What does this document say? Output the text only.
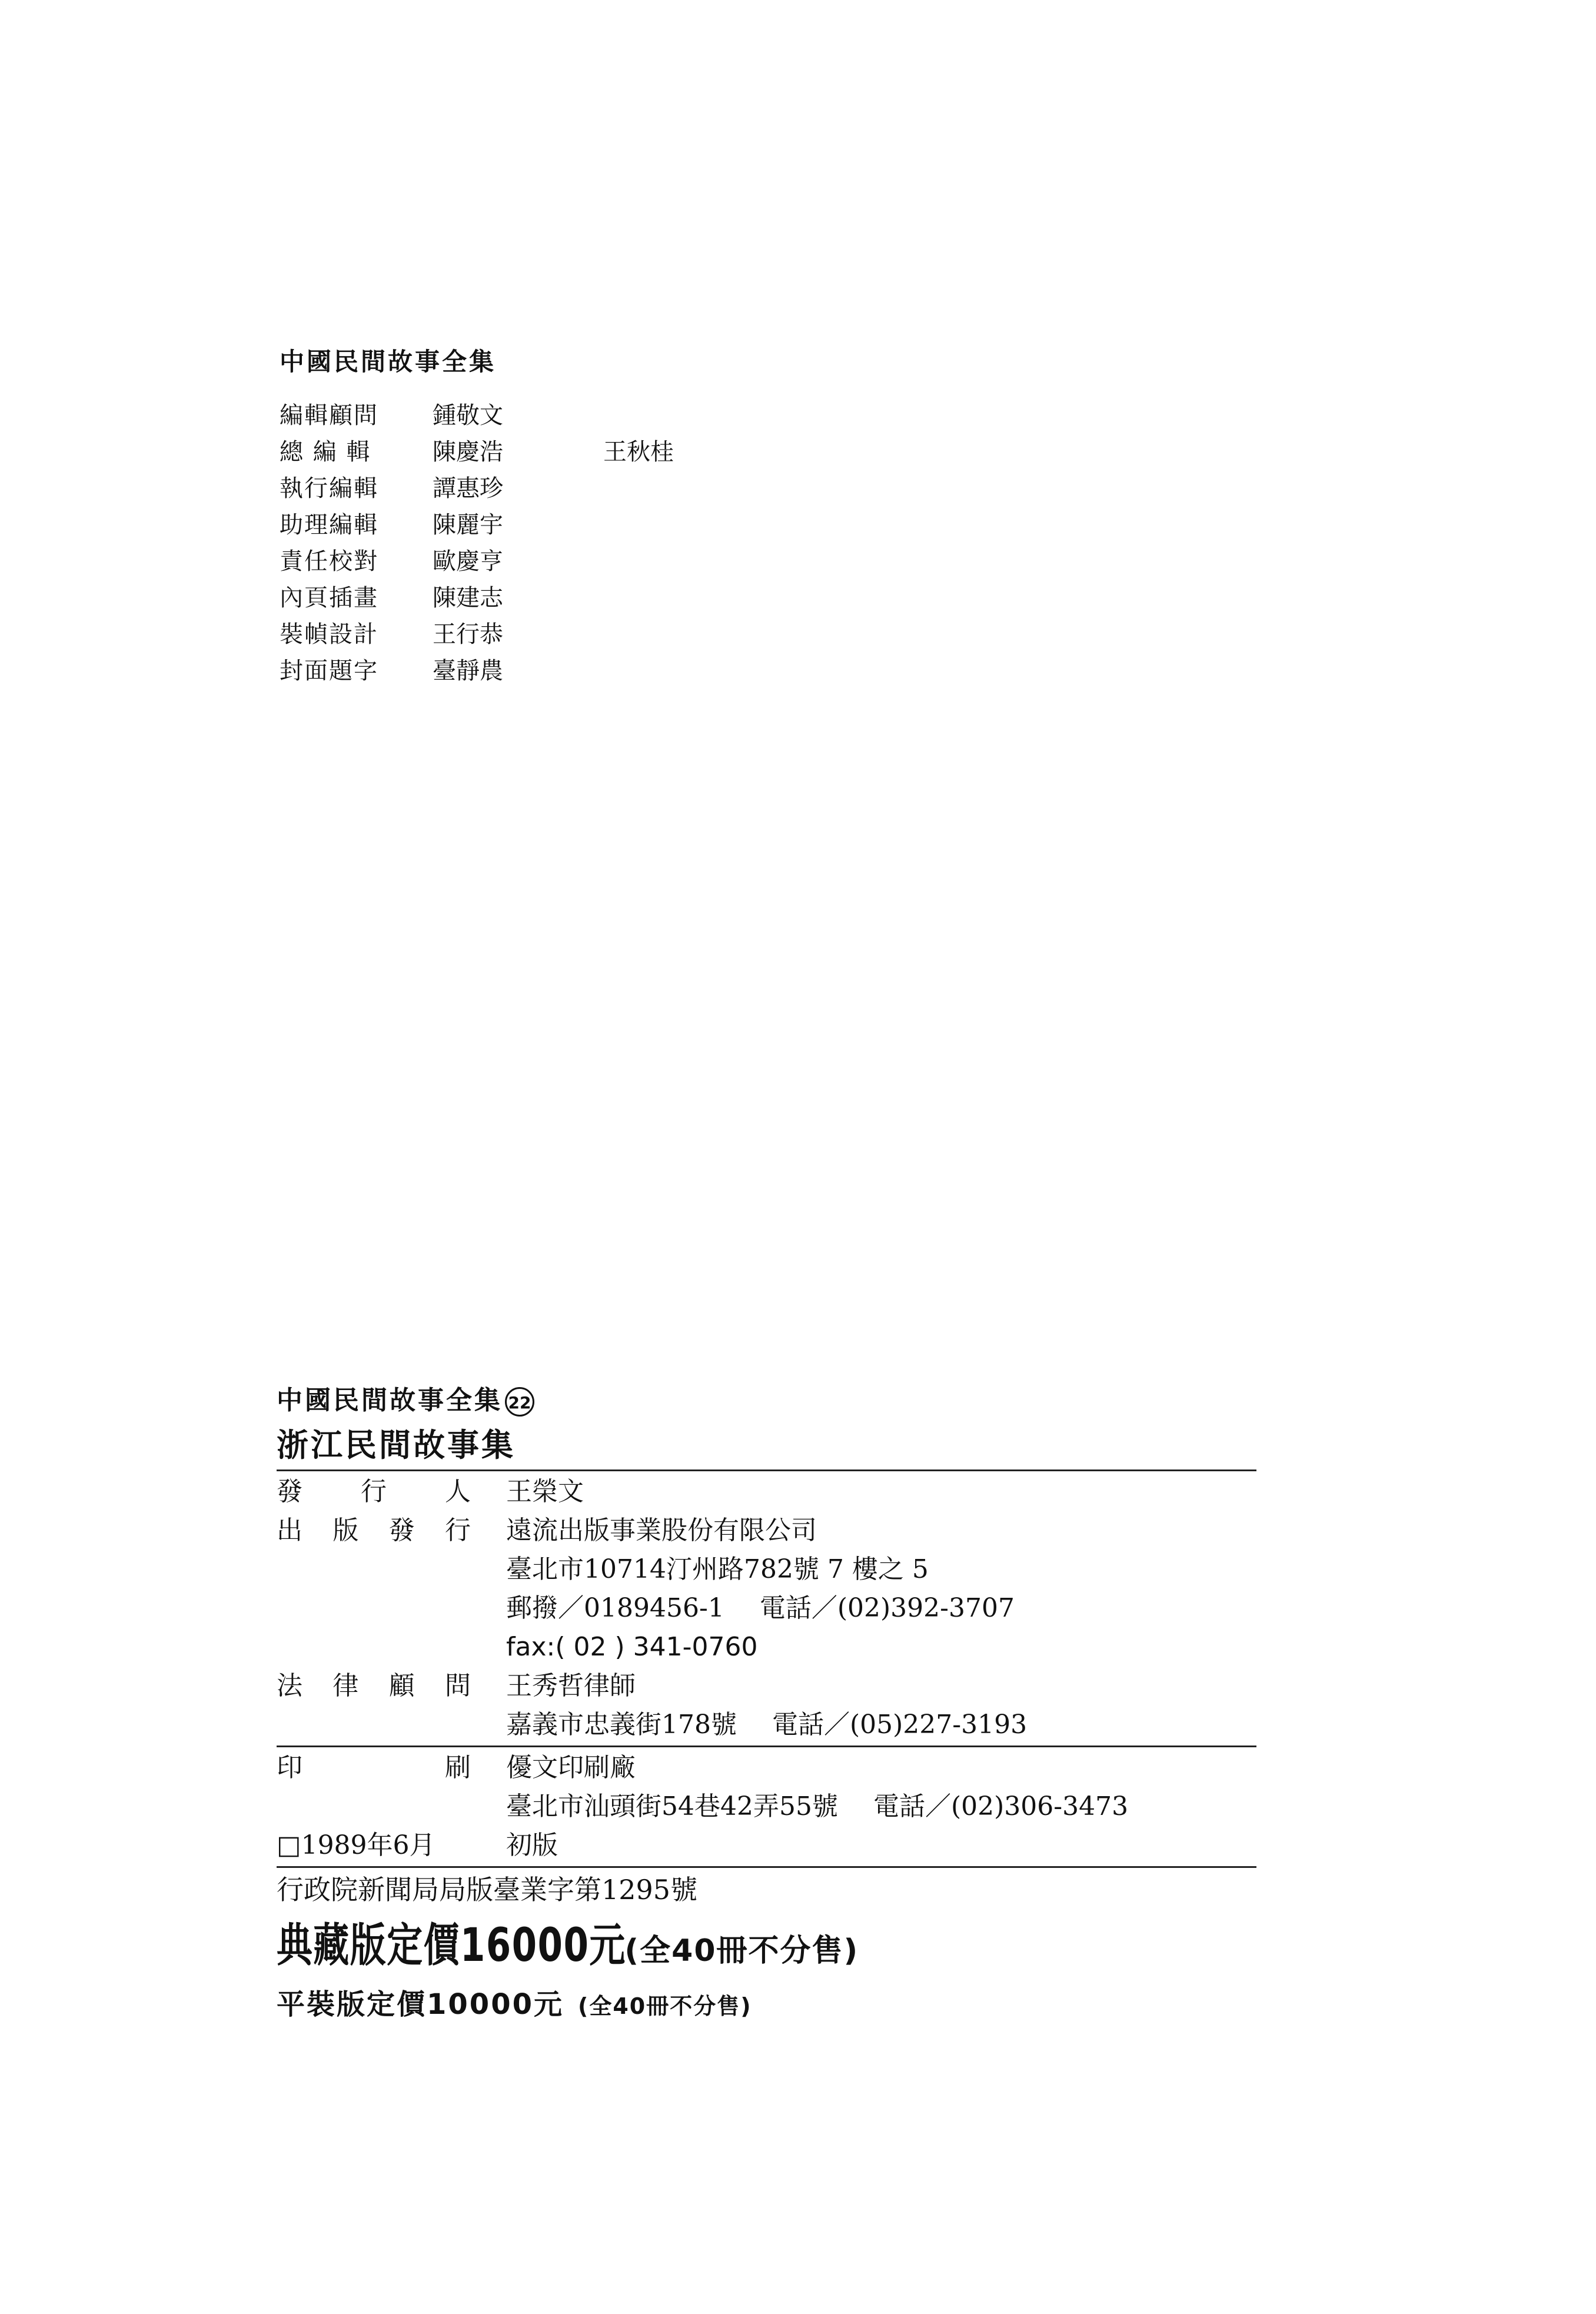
中國民間故事全集
編輯顧問 鍾敬文
總 編 輯	陳慶浩	王秋桂
執行編輯 譚惠珍
助理編輯 陳麗宇
責任校對 歐慶亨
內頁插畫 陳建志
裝幀設計 王行恭
封面題字 臺靜農
中國民間故事全集 22
浙江民間故事集
發 行 人 王榮文
出 版 發 行 遠流出版事業股份有限公司
臺北市10714汀州路782號 7 樓之 5
郵撥／0189456-1 電話／(02)392-3707
fax:( 02 ) 341-0760
法 律 顧 問 王秀哲律師
嘉義市忠義街178號 電話／(05)227-3193
印	刷 優文印刷廠
臺北市汕頭街54巷42弄55號 電話／(02)306-3473
□1989年6月	初版
行政院新聞局局版臺業字第1295號
典藏版定價16000元(全40冊不分售)
平裝版定價10000元 (全40冊不分售)
